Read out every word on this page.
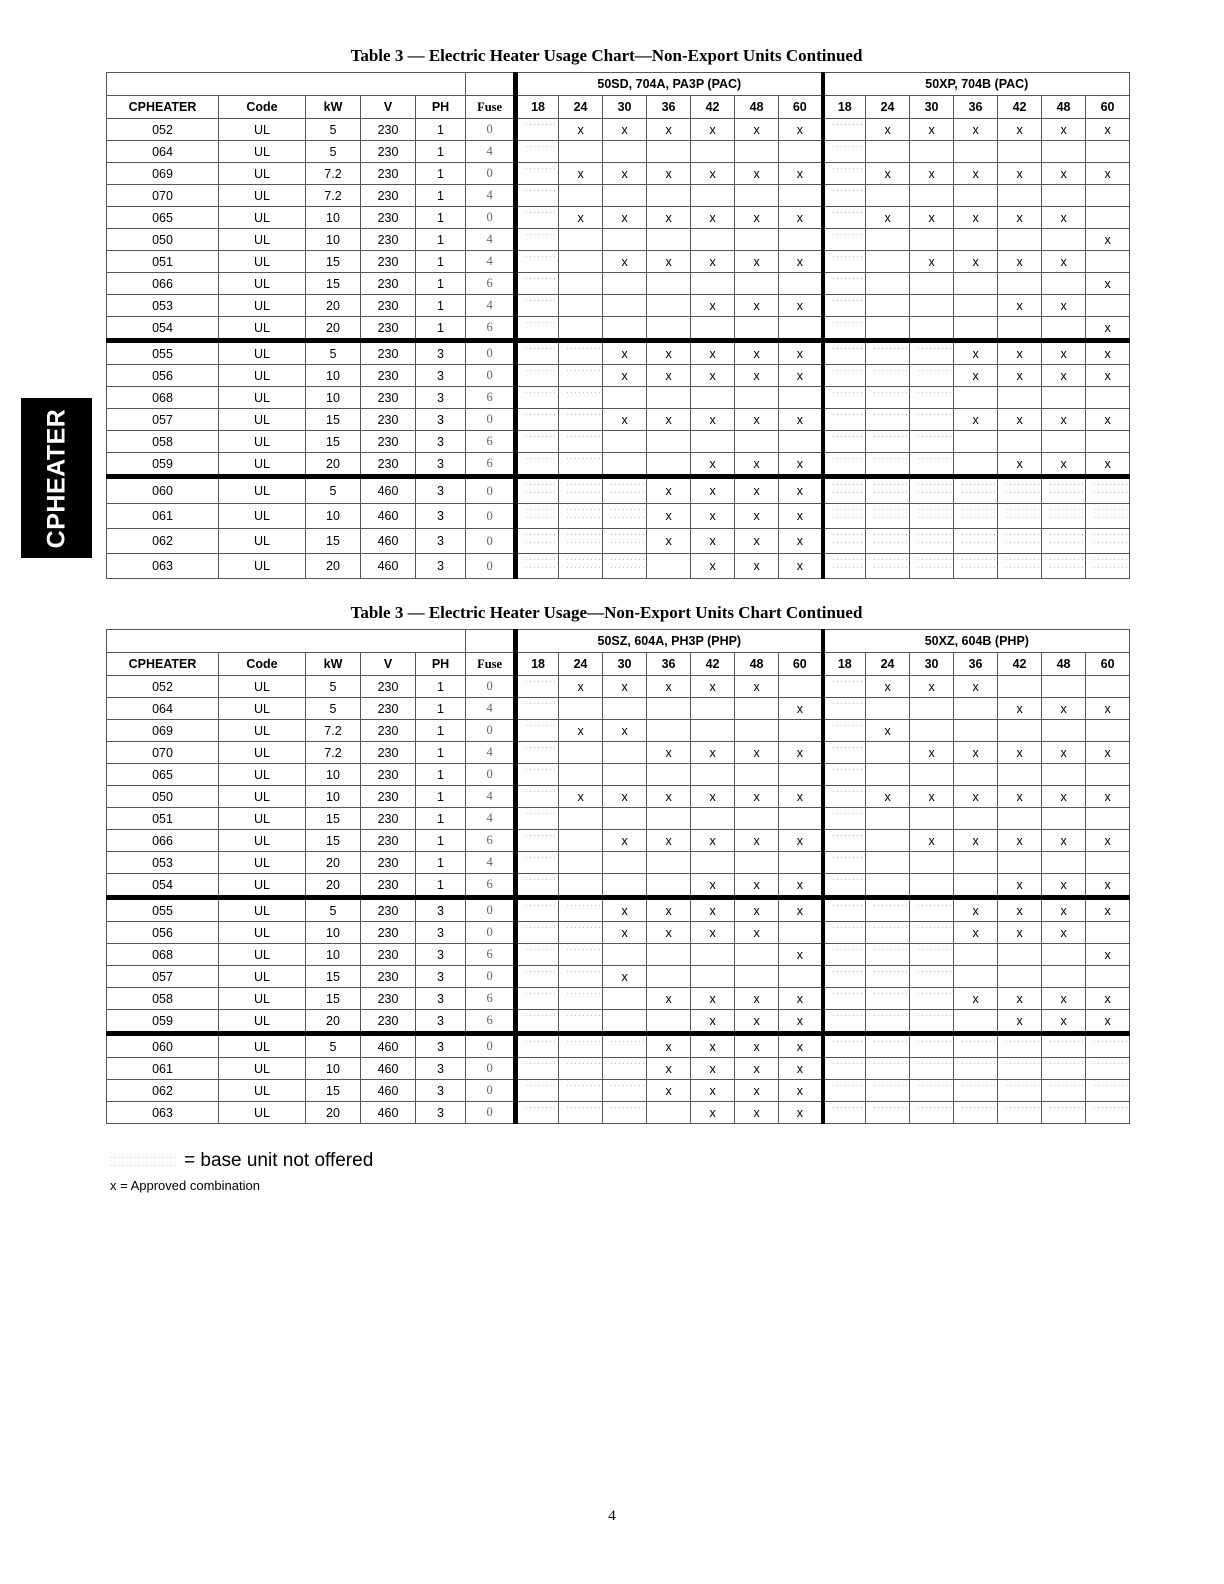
Table 3 — Electric Heater Usage Chart—Non-Export Units Continued
						50SD, 704A, PA3P (PAC)							50XP, 704B (PAC)						
CPHEATER	Code	kW	V	PH	Fuse	18	24	30	36	42	48	60	18	24	30	36	42	48	60
052	UL	5	230	1	0		x	x	x	x	x	x		x	x	x	x	x	x
064	UL	5	230	1	4														
069	UL	7.2	230	1	0		x	x	x	x	x	x		x	x	x	x	x	x
070	UL	7.2	230	1	4														
065	UL	10	230	1	0		x	x	x	x	x	x		x	x	x	x	x	
050	UL	10	230	1	4														x
051	UL	15	230	1	4			x	x	x	x	x			x	x	x	x	
066	UL	15	230	1	6														x
053	UL	20	230	1	4					x	x	x					x	x	
054	UL	20	230	1	6														x
055	UL	5	230	3	0			x	x	x	x	x				x	x	x	x
056	UL	10	230	3	0			x	x	x	x	x				x	x	x	x
068	UL	10	230	3	6														
057	UL	15	230	3	0			x	x	x	x	x				x	x	x	x
058	UL	15	230	3	6														
059	UL	20	230	3	6					x	x	x					x	x	x
060	UL	5	460	3	0				x	x	x	x							
061	UL	10	460	3	0				x	x	x	x							
062	UL	15	460	3	0				x	x	x	x							
063	UL	20	460	3	0					x	x	x							
Table 3 — Electric Heater Usage—Non-Export Units Chart Continued
						50SZ, 604A, PH3P (PHP)							50XZ, 604B (PHP)						
CPHEATER	Code	kW	V	PH	Fuse	18	24	30	36	42	48	60	18	24	30	36	42	48	60
052	UL	5	230	1	0		x	x	x	x	x			x	x	x			
064	UL	5	230	1	4							x					x	x	x
069	UL	7.2	230	1	0		x	x						x					
070	UL	7.2	230	1	4				x	x	x	x			x	x	x	x	x
065	UL	10	230	1	0														
050	UL	10	230	1	4		x	x	x	x	x	x		x	x	x	x	x	x
051	UL	15	230	1	4														
066	UL	15	230	1	6			x	x	x	x	x			x	x	x	x	x
053	UL	20	230	1	4														
054	UL	20	230	1	6					x	x	x					x	x	x
055	UL	5	230	3	0			x	x	x	x	x				x	x	x	x
056	UL	10	230	3	0			x	x	x	x					x	x	x	
068	UL	10	230	3	6							x							x
057	UL	15	230	3	0			x											
058	UL	15	230	3	6				x	x	x	x				x	x	x	x
059	UL	20	230	3	6					x	x	x					x	x	x
060	UL	5	460	3	0				x	x	x	x							
061	UL	10	460	3	0				x	x	x	x							
062	UL	15	460	3	0				x	x	x	x							
063	UL	20	460	3	0					x	x	x							
CPHEATER
= base unit not offered
x = Approved combination
4
